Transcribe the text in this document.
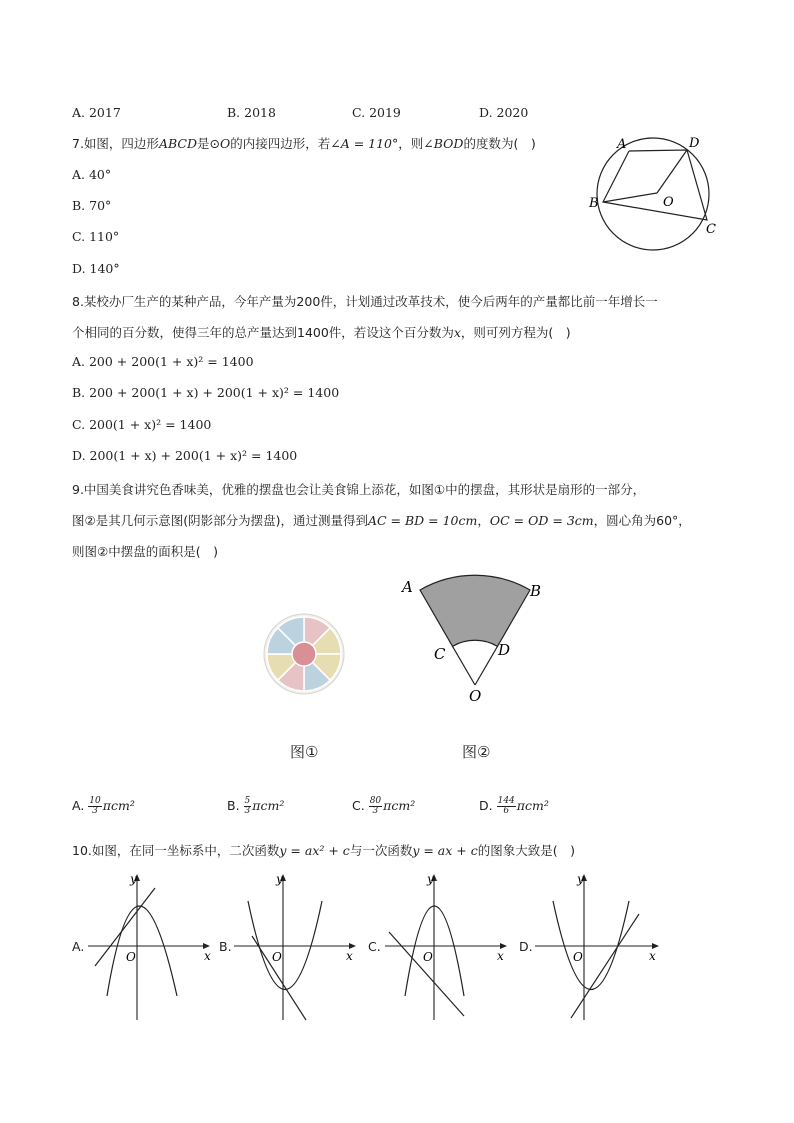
A. 2017	B. 2018	C. 2019	D. 2020
7.如图，四边形ABCD是⊙O的内接四边形，若∠A = 110°，则∠BOD的度数为(　)
A. 40°
B. 70°
C. 110°
D. 140°
A	D
B	O
C
8.某校办厂生产的某种产品，今年产量为200件，计划通过改革技术，使今后两年的产量都比前一年增长一
个相同的百分数，使得三年的总产量达到1400件，若设这个百分数为x，则可列方程为(　)
A. 200 + 200(1 + x)² = 1400
B. 200 + 200(1 + x) + 200(1 + x)² = 1400
C. 200(1 + x)² = 1400
D. 200(1 + x) + 200(1 + x)² = 1400
9.中国美食讲究色香味美，优雅的摆盘也会让美食锦上添花，如图①中的摆盘，其形状是扇形的一部分，
图②是其几何示意图(阴影部分为摆盘)，通过测量得到AC = BD = 10cm，OC = OD = 3cm，圆心角为60°，
则图②中摆盘的面积是(　)
A	B
C	D
O
图①	图②
A. $\frac{10}{3} \pi cm^2$	B. $\frac{5}{3} \pi cm^2$	C. $\frac{80}{3} \pi cm^2$	D. $\frac{144}{6} \pi cm^2$
10.如图，在同一坐标系中，二次函数y = ax² + c与一次函数y = ax + c的图象大致是(　)
A.
x
y
O
B.
x
y
O
C.
x
y
O
D.
x
y
O
